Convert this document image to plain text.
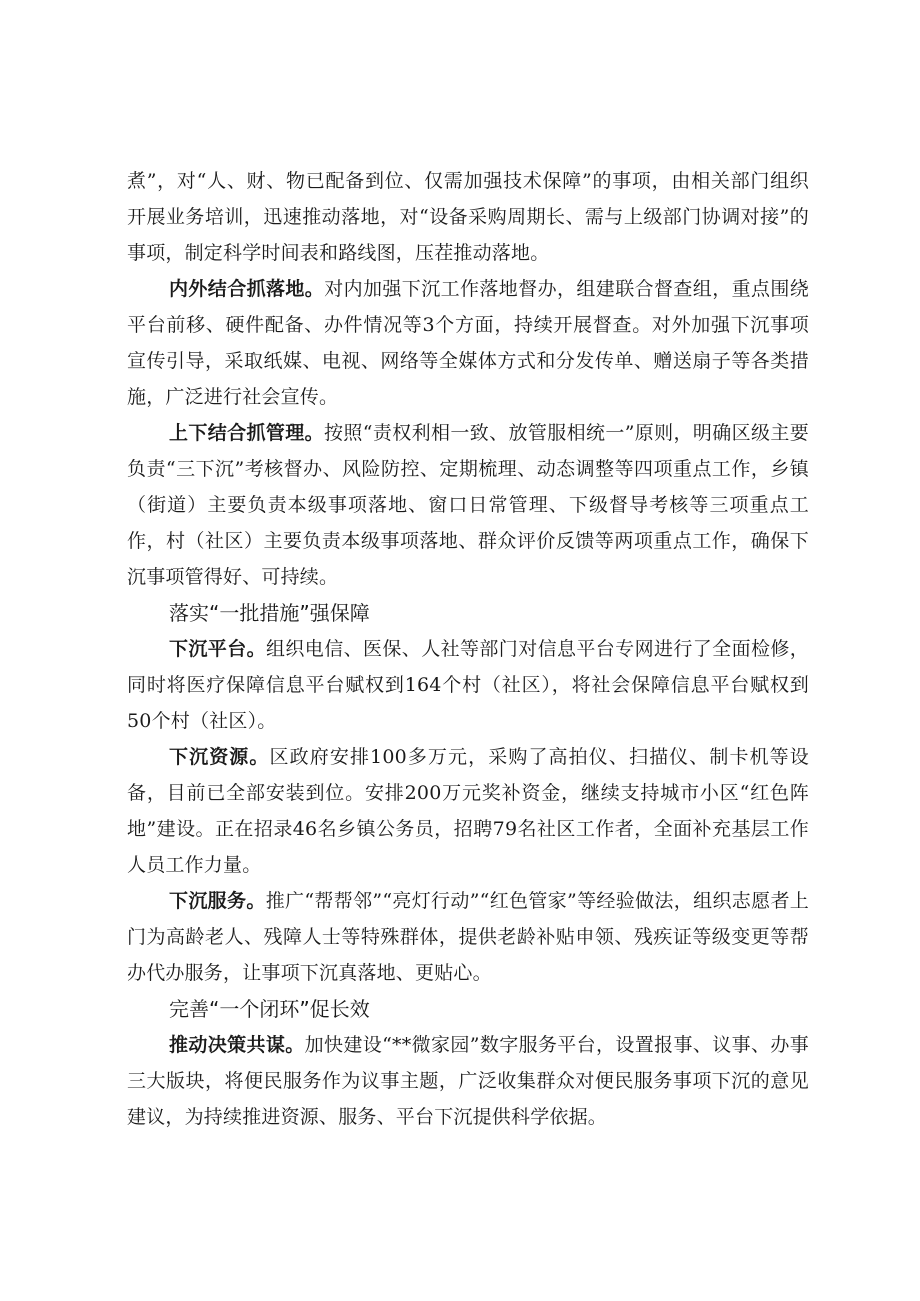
煮”，对“人、财、物已配备到位、仅需加强技术保障”的事项，由相关部门组织开展业务培训，迅速推动落地，对“设备采购周期长、需与上级部门协调对接”的事项，制定科学时间表和路线图，压茬推动落地。

内外结合抓落地。对内加强下沉工作落地督办，组建联合督查组，重点围绕平台前移、硬件配备、办件情况等3个方面，持续开展督查。对外加强下沉事项宣传引导，采取纸媒、电视、网络等全媒体方式和分发传单、赠送扇子等各类措施，广泛进行社会宣传。

上下结合抓管理。按照“责权利相一致、放管服相统一”原则，明确区级主要负责“三下沉”考核督办、风险防控、定期梳理、动态调整等四项重点工作，乡镇（街道）主要负责本级事项落地、窗口日常管理、下级督导考核等三项重点工作，村（社区）主要负责本级事项落地、群众评价反馈等两项重点工作，确保下沉事项管得好、可持续。

落实“一批措施”强保障

下沉平台。组织电信、医保、人社等部门对信息平台专网进行了全面检修，同时将医疗保障信息平台赋权到164个村（社区），将社会保障信息平台赋权到50个村（社区）。

下沉资源。区政府安排100多万元，采购了高拍仪、扫描仪、制卡机等设备，目前已全部安装到位。安排200万元奖补资金，继续支持城市小区“红色阵地”建设。正在招录46名乡镇公务员，招聘79名社区工作者，全面补充基层工作人员工作力量。

下沉服务。推广“帮帮邻”“亮灯行动”“红色管家”等经验做法，组织志愿者上门为高龄老人、残障人士等特殊群体，提供老龄补贴申领、残疾证等级变更等帮办代办服务，让事项下沉真落地、更贴心。

完善“一个闭环”促长效

推动决策共谋。加快建设“**微家园”数字服务平台，设置报事、议事、办事三大版块，将便民服务作为议事主题，广泛收集群众对便民服务事项下沉的意见建议，为持续推进资源、服务、平台下沉提供科学依据。
